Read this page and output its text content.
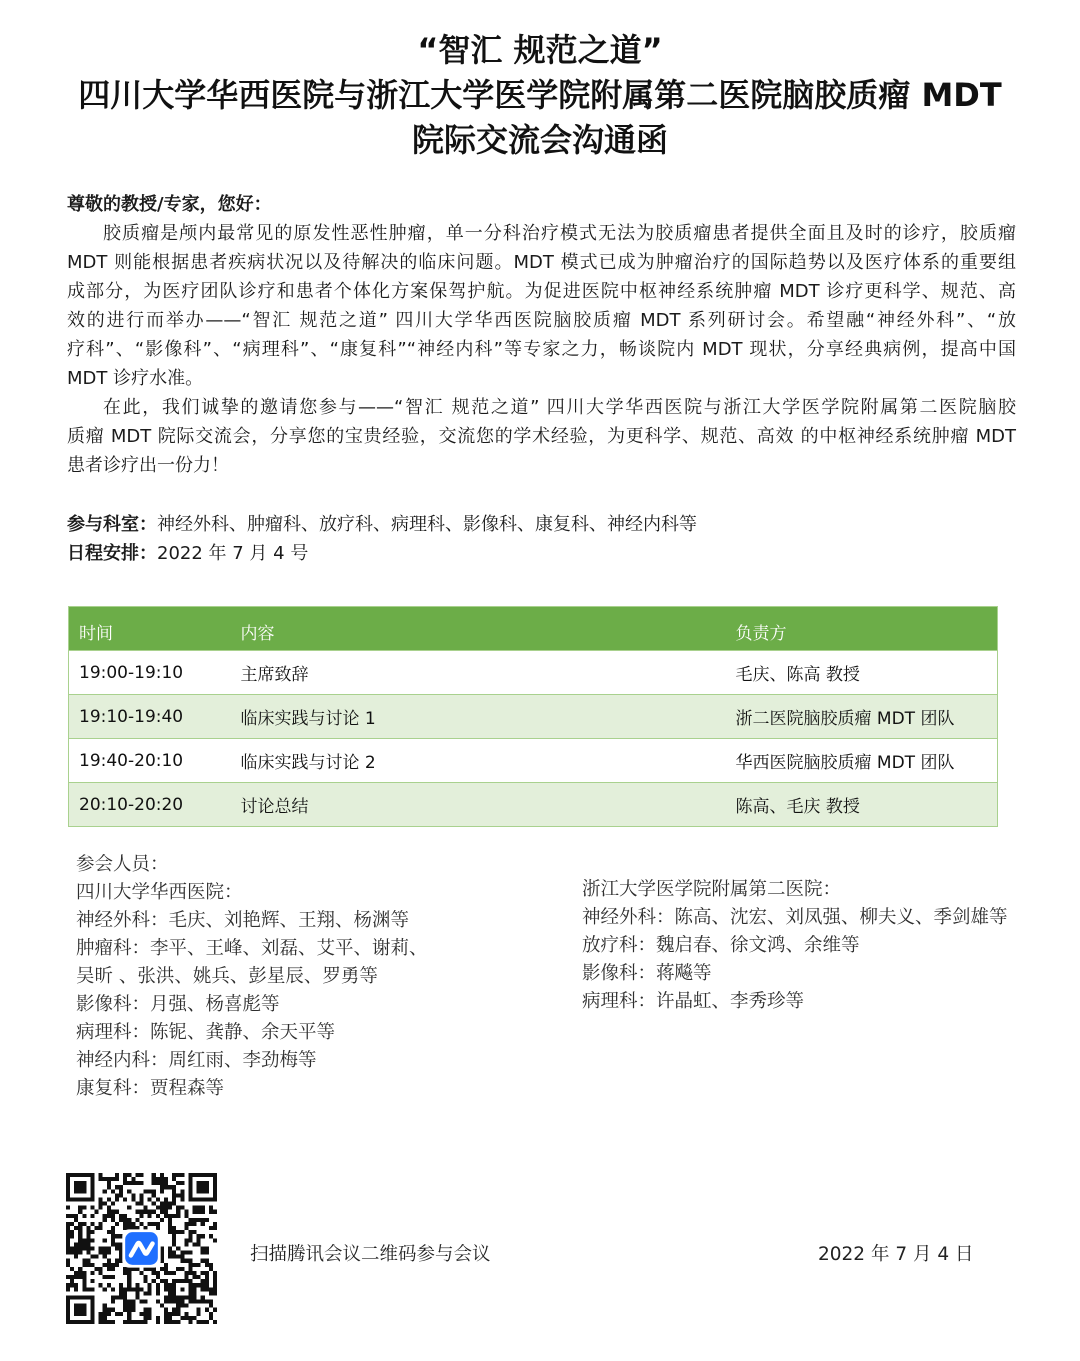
“智汇 规范之道”
四川大学华西医院与浙江大学医学院附属第二医院脑胶质瘤 MDT
院际交流会沟通函
尊敬的教授/专家，您好：
胶质瘤是颅内最常见的原发性恶性肿瘤，单一分科治疗模式无法为胶质瘤患者提供全面且及时的诊疗，胶质瘤
MDT 则能根据患者疾病状况以及待解决的临床问题。MDT 模式已成为肿瘤治疗的国际趋势以及医疗体系的重要组
成部分，为医疗团队诊疗和患者个体化方案保驾护航。为促进医院中枢神经系统肿瘤 MDT 诊疗更科学、规范、高
效的进行而举办——“智汇 规范之道” 四川大学华西医院脑胶质瘤 MDT 系列研讨会。希望融“神经外科”、“放
疗科”、“影像科”、“病理科”、“康复科”“神经内科”等专家之力，畅谈院内 MDT 现状，分享经典病例，提高中国
MDT 诊疗水准。
在此，我们诚挚的邀请您参与——“智汇 规范之道” 四川大学华西医院与浙江大学医学院附属第二医院脑胶
质瘤 MDT 院际交流会，分享您的宝贵经验，交流您的学术经验，为更科学、规范、高效 的中枢神经系统肿瘤 MDT
患者诊疗出一份力！
参与科室：神经外科、肿瘤科、放疗科、病理科、影像科、康复科、神经内科等
日程安排：2022 年 7 月 4 号
时间	内容	负责方
19:00-19:10	主席致辞	毛庆、陈高 教授
19:10-19:40	临床实践与讨论 1	浙二医院脑胶质瘤 MDT 团队
19:40-20:10	临床实践与讨论 2	华西医院脑胶质瘤 MDT 团队
20:10-20:20	讨论总结	陈高、毛庆 教授
参会人员：
四川大学华西医院：
神经外科：毛庆、刘艳辉、王翔、杨渊等
肿瘤科：李平、王峰、刘磊、艾平、谢莉、
吴昕 、张洪、姚兵、彭星辰、罗勇等
影像科：月强、杨喜彪等
病理科：陈铌、龚静、余天平等
神经内科：周红雨、李劲梅等
康复科：贾程森等
浙江大学医学院附属第二医院：
神经外科：陈高、沈宏、刘凤强、柳夫义、季剑雄等
放疗科：魏启春、徐文鸿、余维等
影像科：蒋飚等
病理科：许晶虹、李秀珍等
扫描腾讯会议二维码参与会议	2022 年 7 月 4 日
